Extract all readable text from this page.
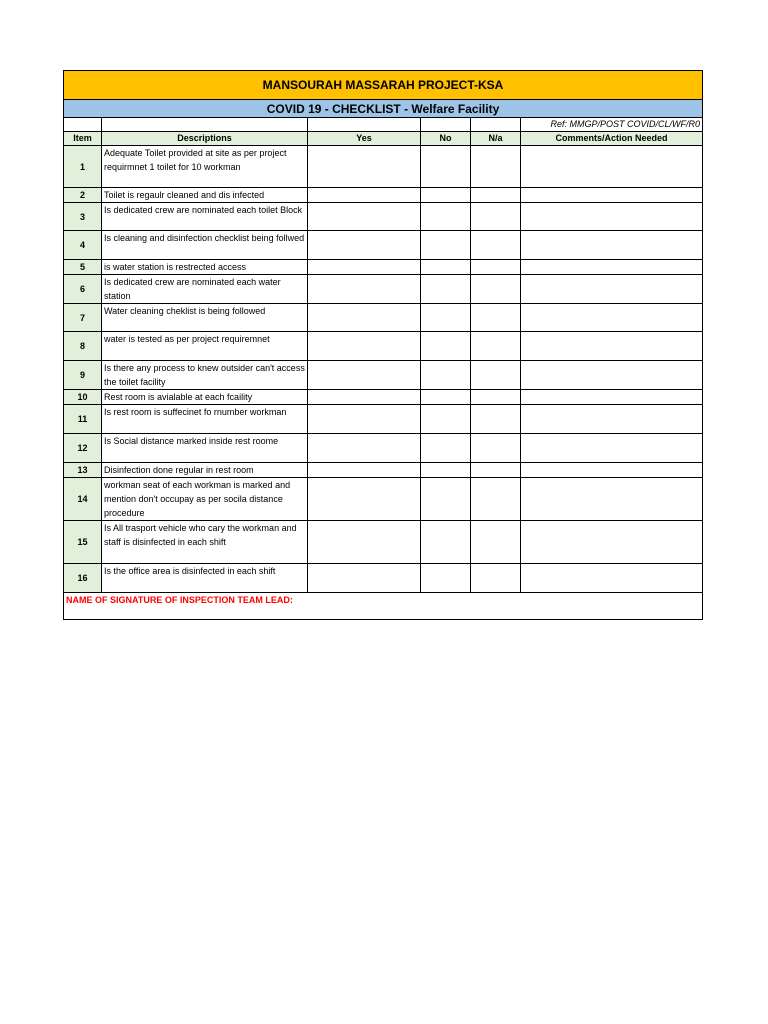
MANSOURAH MASSARAH PROJECT-KSA					
COVID 19 - CHECKLIST - Welfare Facility					
					Ref: MMGP/POST COVID/CL/WF/R0
Item	Descriptions	Yes	No	N/a	Comments/Action Needed
1	Adequate Toilet provided at site as per project requirmnet 1 toilet for 10 workman				
2	Toilet is regaulr cleaned and dis infected				
3	Is dedicated crew are nominated each toilet Block				
4	Is cleaning and disinfection checklist being follwed				
5	is water station is restrected access				
6	Is dedicated crew are nominated each water station				
7	Water cleaning cheklist is being followed				
8	water is tested as per project requiremnet				
9	Is there any process to knew outsider can't access the toilet facility				
10	Rest room is avialable at each fcaility				
11	Is rest room is suffecinet fo rnumber workman				
12	Is Social distance marked inside rest roome				
13	Disinfection done regular in rest room				
14	workman seat of each workman is marked and mention don't occupay as per socila distance procedure				
15	Is All trasport vehicle who cary the workman and staff is disinfected in each shift				
16	Is the office area is disinfected in each shift				
NAME OF SIGNATURE OF INSPECTION TEAM LEAD:					
